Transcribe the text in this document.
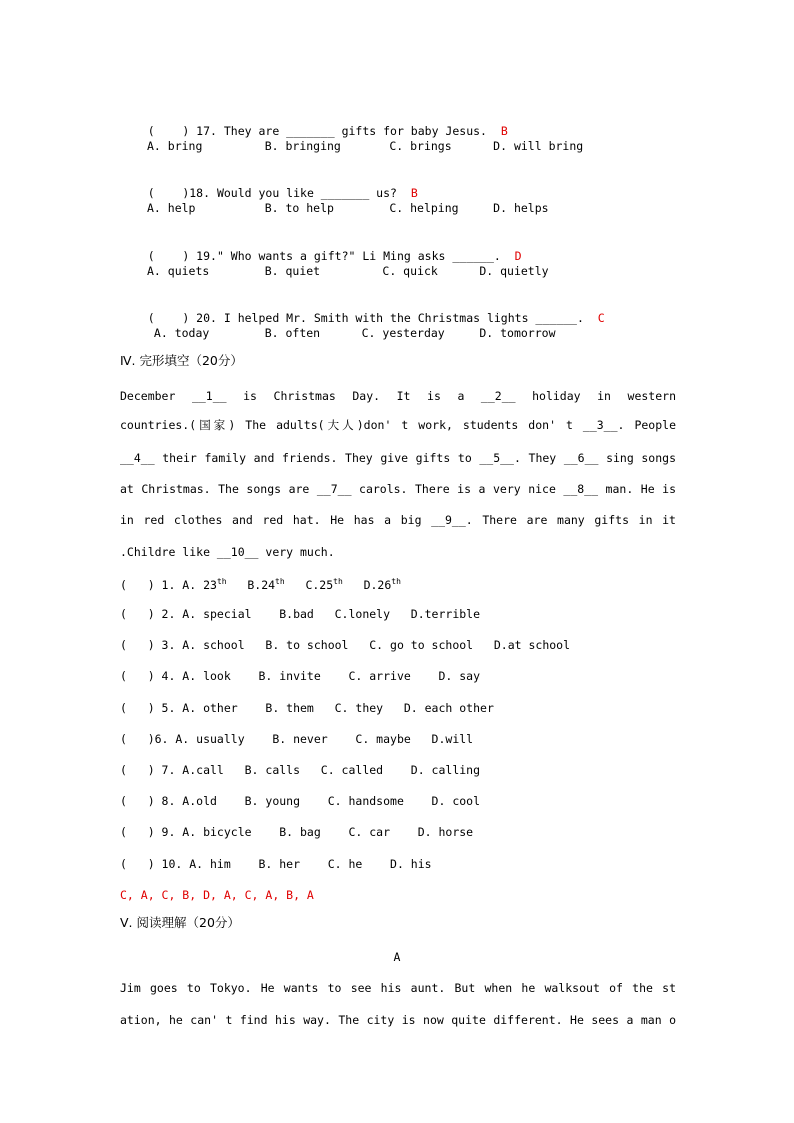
(    ) 17. They are _______ gifts for baby Jesus. B

A. bring         B. bringing       C. brings      D. will bring

(    )18. Would you like _______ us? B

A. help          B. to help        C. helping     D. helps

(    ) 19." Who wants a gift?" Li Ming asks ______. D

A. quiets        B. quiet         C. quick      D. quietly

(    ) 20. I helped Mr. Smith with the Christmas lights ______. C

A. today        B. often      C. yesterday     D. tomorrow
Ⅳ. 完形填空（20分）
December __1__ is Christmas Day. It is a __2__ holiday in western
countries.(国家) The adults(大人)don' t work, students don' t __3__. People
__4__ their family and friends. They give gifts to __5__. They __6__ sing songs
at Christmas. The songs are __7__ carols. There is a very nice __8__ man. He is
in red clothes and red hat. He has a big __9__. There are many gifts in it
.Childre like __10__ very much.
(   ) 1. A. 23th   B.24th   C.25th   D.26th
(   ) 2. A. special    B.bad   C.lonely   D.terrible
(   ) 3. A. school   B. to school   C. go to school   D.at school
(   ) 4. A. look    B. invite    C. arrive    D. say
(   ) 5. A. other    B. them   C. they   D. each other
(   )6. A. usually    B. never    C. maybe   D.will
(   ) 7. A.call   B. calls   C. called    D. calling
(   ) 8. A.old    B. young    C. handsome    D. cool
(   ) 9. A. bicycle    B. bag    C. car    D. horse
(   ) 10. A. him    B. her    C. he    D. his
C, A, C, B, D, A, C, A, B, A
Ⅴ. 阅读理解（20分）
A
Jim goes to Tokyo. He wants to see his aunt. But when he walksout of the st
ation, he can' t find his way. The city is now quite different. He sees a man o
